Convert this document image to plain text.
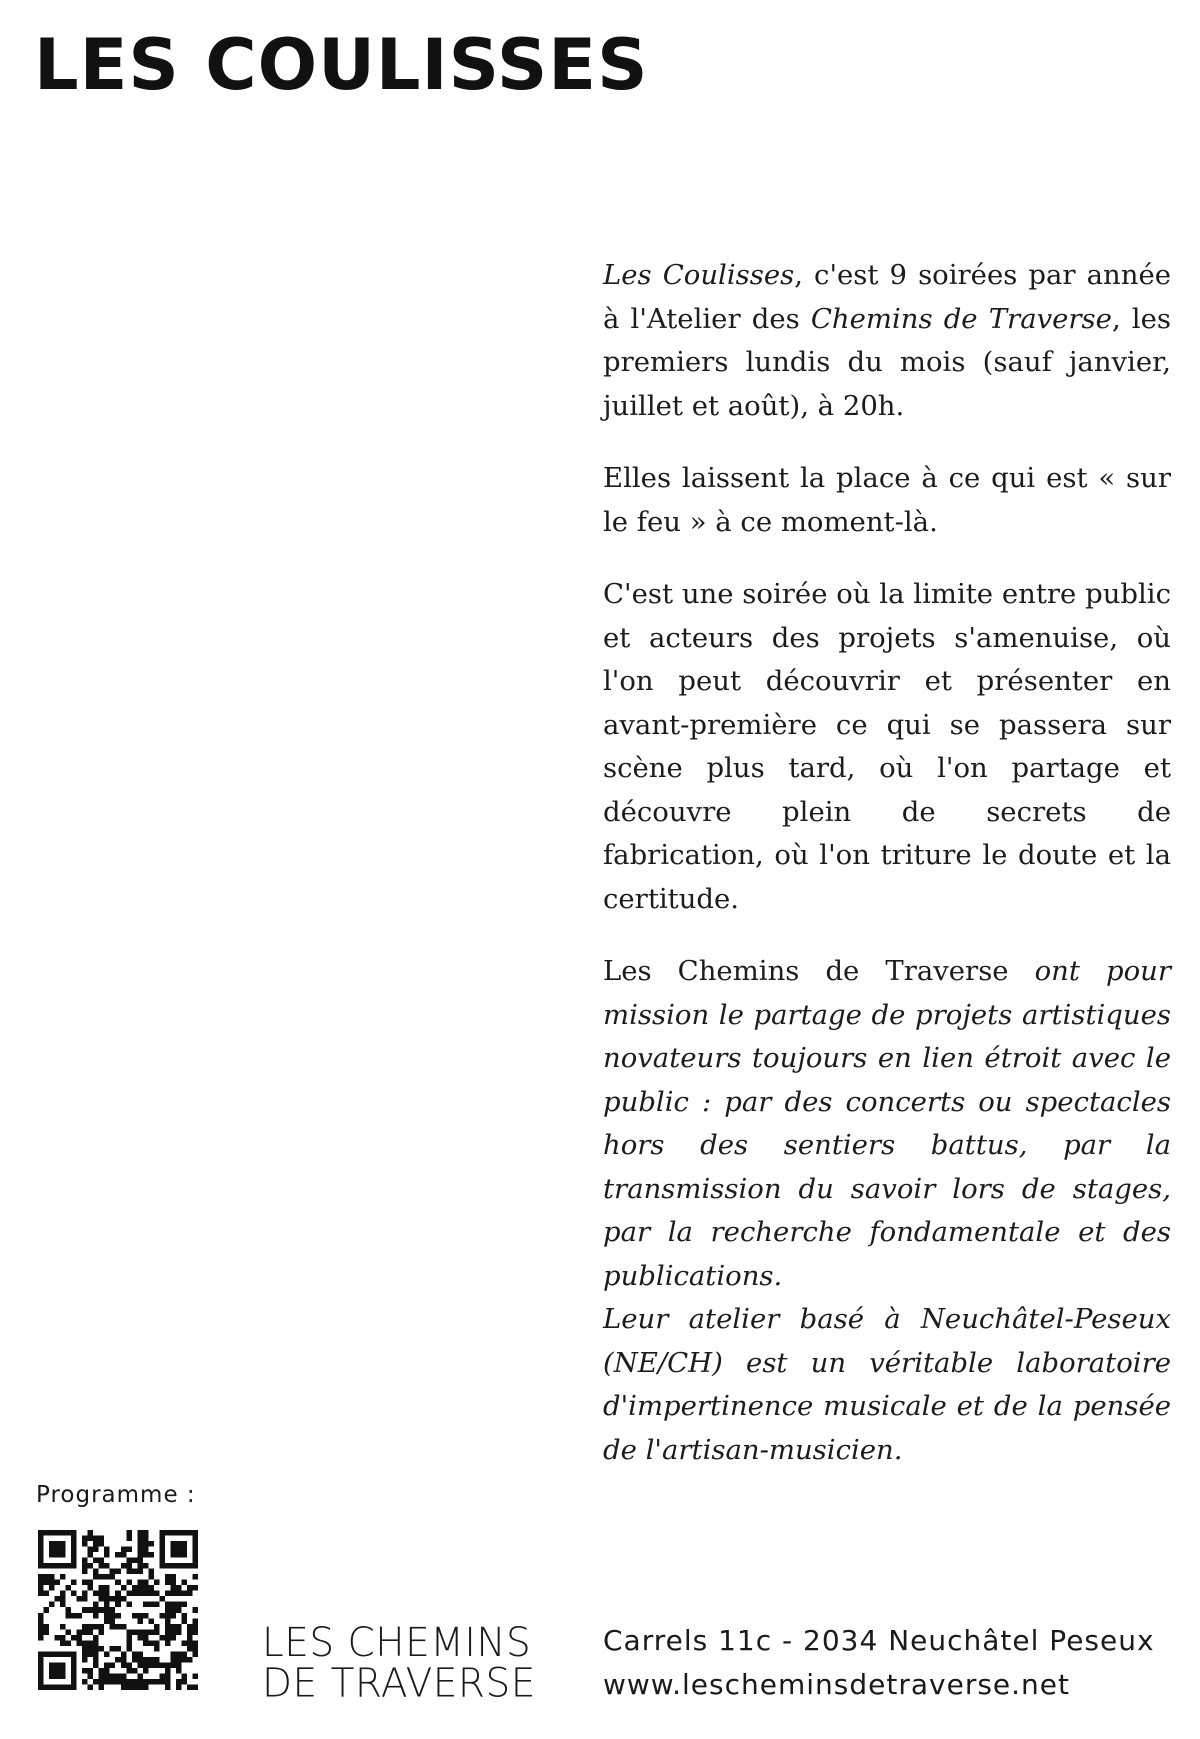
LES COULISSES

Les Coulisses, c'est 9 soirées par année à l'Atelier des Chemins de Traverse, les premiers lundis du mois (sauf janvier, juillet et août), à 20h.

Elles laissent la place à ce qui est « sur le feu » à ce moment-là.

C'est une soirée où la limite entre public et acteurs des projets s'amenuise, où l'on peut découvrir et présenter en avant-première ce qui se passera sur scène plus tard, où l'on partage et découvre plein de secrets de fabrication, où l'on triture le doute et la certitude.

Les Chemins de Traverse ont pour mission le partage de projets artistiques novateurs toujours en lien étroit avec le public : par des concerts ou spectacles hors des sentiers battus, par la transmission du savoir lors de stages, par la recherche fondamentale et des publications.

Leur atelier basé à Neuchâtel-Peseux (NE/CH) est un véritable laboratoire d'impertinence musicale et de la pensée de l'artisan-musicien.

Programme :
LES CHEMINS
DE TRAVERSE
Carrels 11c - 2034 Neuchâtel Peseux
www.lescheminsdetraverse.net
